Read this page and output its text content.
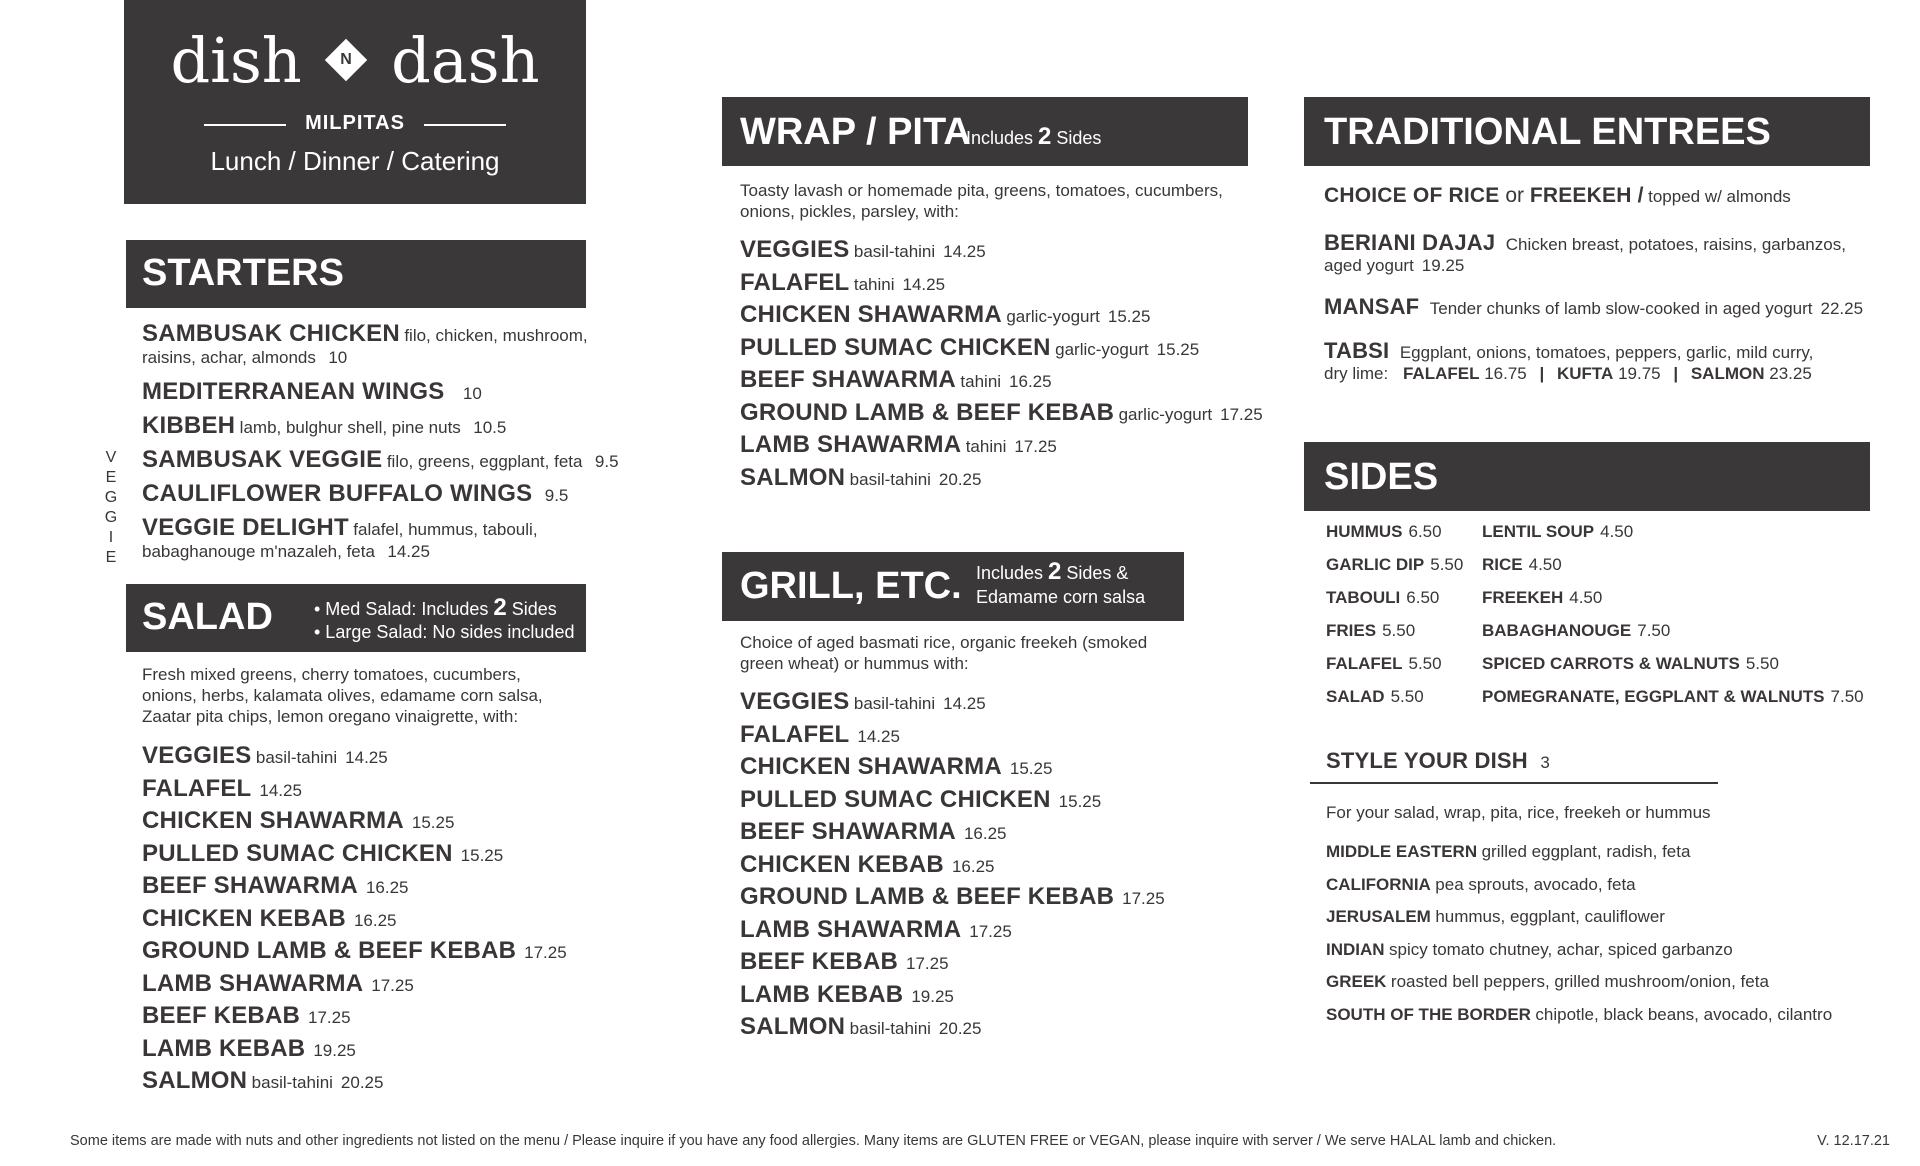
dish	N dash
MILPITAS
Lunch / Dinner / Catering
STARTERS
V
E
G
G
I
E
SAMBUSAK CHICKEN filo, chicken, mushroom,
raisins, achar, almonds 10
MEDITERRANEAN WINGS 10
KIBBEH lamb, bulghur shell, pine nuts 10.5
SAMBUSAK VEGGIE filo, greens, eggplant, feta 9.5
CAULIFLOWER BUFFALO WINGS 9.5
VEGGIE DELIGHT falafel, hummus, tabouli,
babaghanouge m'nazaleh, feta 14.25
SALAD • Med Salad: Includes 2 Sides
• Large Salad: No sides included
Fresh mixed greens, cherry tomatoes, cucumbers, onions, herbs, kalamata olives, edamame corn salsa, Zaatar pita chips, lemon oregano vinaigrette, with:
VEGGIES basil-tahini 14.25
FALAFEL 14.25
CHICKEN SHAWARMA 15.25
PULLED SUMAC CHICKEN 15.25
BEEF SHAWARMA 16.25
CHICKEN KEBAB 16.25
GROUND LAMB & BEEF KEBAB 17.25
LAMB SHAWARMA 17.25
BEEF KEBAB 17.25
LAMB KEBAB 19.25
SALMON basil-tahini 20.25
WRAP / PITA
Includes 2 Sides
Toasty lavash or homemade pita, greens, tomatoes, cucumbers, onions, pickles, parsley, with:
VEGGIES basil-tahini 14.25
FALAFEL tahini 14.25
CHICKEN SHAWARMA garlic-yogurt 15.25
PULLED SUMAC CHICKEN garlic-yogurt 15.25
BEEF SHAWARMA tahini 16.25
GROUND LAMB & BEEF KEBAB garlic-yogurt 17.25
LAMB SHAWARMA tahini 17.25
SALMON basil-tahini 20.25
GRILL, ETC. Includes 2 Sides &
Edamame corn salsa
Choice of aged basmati rice, organic freekeh (smoked green wheat) or hummus with:
VEGGIES basil-tahini 14.25
FALAFEL 14.25
CHICKEN SHAWARMA 15.25
PULLED SUMAC CHICKEN 15.25
BEEF SHAWARMA 16.25
CHICKEN KEBAB 16.25
GROUND LAMB & BEEF KEBAB 17.25
LAMB SHAWARMA 17.25
BEEF KEBAB 17.25
LAMB KEBAB 19.25
SALMON basil-tahini 20.25
TRADITIONAL ENTREES
CHOICE OF RICE or FREEKEH / topped w/ almonds
BERIANI DAJAJ Chicken breast, potatoes, raisins, garbanzos,
aged yogurt 19.25
MANSAF Tender chunks of lamb slow-cooked in aged yogurt 22.25
TABSI Eggplant, onions, tomatoes, peppers, garlic, mild curry,
dry lime: FALAFEL 16.75 | KUFTA 19.75 | SALMON 23.25
SIDES
HUMMUS 6.50
GARLIC DIP 5.50
TABOULI 6.50
FRIES 5.50
FALAFEL 5.50
SALAD 5.50
LENTIL SOUP 4.50
RICE 4.50
FREEKEH 4.50
BABAGHANOUGE 7.50
SPICED CARROTS & WALNUTS 5.50
POMEGRANATE, EGGPLANT & WALNUTS 7.50
STYLE YOUR DISH 3
For your salad, wrap, pita, rice, freekeh or hummus
MIDDLE EASTERN grilled eggplant, radish, feta
CALIFORNIA pea sprouts, avocado, feta
JERUSALEM hummus, eggplant, cauliflower
INDIAN spicy tomato chutney, achar, spiced garbanzo
GREEK roasted bell peppers, grilled mushroom/onion, feta
SOUTH OF THE BORDER chipotle, black beans, avocado, cilantro
Some items are made with nuts and other ingredients not listed on the menu / Please inquire if you have any food allergies. Many items are GLUTEN FREE or VEGAN, please inquire with server / We serve HALAL lamb and chicken.	V. 12.17.21
